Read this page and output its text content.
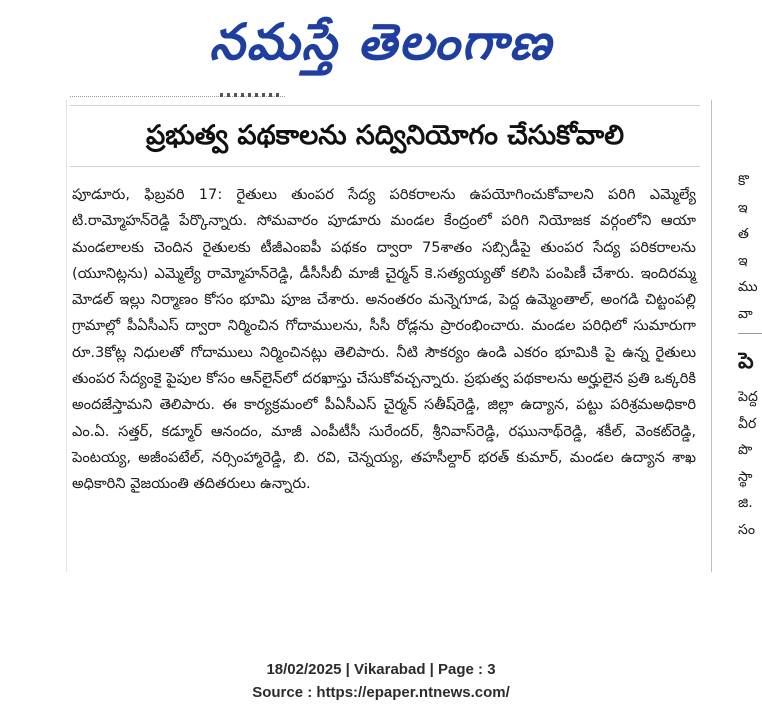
నమస్తే తెలంగాణ
ప్రభుత్వ పథకాలను సద్వినియోగం చేసుకోవాలి
పూడూరు, ఫిబ్రవరి 17: రైతులు తుంపర సేద్య పరికరాలను ఉపయోగించుకోవాలని పరిగి ఎమ్మెల్యే టి.రామ్మోహన్‌రెడ్డి పేర్కొన్నారు. సోమవారం పూడూరు మండల కేంద్రంలో పరిగి నియోజక వర్గంలోని ఆయా మండలాలకు చెందిన రైతులకు టీజీఎంఐపీ పథకం ద్వారా 75శాతం సబ్సిడీపై తుంపర సేద్య పరికరాలను (యూనిట్లను) ఎమ్మెల్యే రామ్మోహన్‌రెడ్డి, డీసీసీబీ మాజీ చైర్మన్ కె.సత్యయ్యతో కలిసి పంపిణీ చేశారు. ఇందిరమ్మ మోడల్ ఇల్లు నిర్మాణం కోసం భూమి పూజ చేశారు. అనంతరం మన్నెగూడ, పెద్ద ఉమ్మెంతాల్, అంగడి చిట్టంపల్లి గ్రామాల్లో పీఏసీఎస్ ద్వారా నిర్మించిన గోదాములను, సీసీ రోడ్లను ప్రారంభించారు. మండల పరిధిలో సుమారుగా రూ.3కోట్ల నిధులతో గోదాములు నిర్మించినట్లు తెలిపారు. నీటి సౌకర్యం ఉండి ఎకరం భూమికి పై ఉన్న రైతులు తుంపర సేద్యంకై పైపుల కోసం ఆన్‌లైన్‌లో దరఖాస్తు చేసుకోవచ్చన్నారు. ప్రభుత్వ పథకాలను అర్హులైన ప్రతి ఒక్కరికి అందజేస్తామని తెలిపారు. ఈ కార్యక్రమంలో పీఏసీఎస్ చైర్మన్ సతీష్‌రెడ్డి, జిల్లా ఉద్యాన, పట్టు పరిశ్రమఅధికారి ఎం.ఏ. సత్తర్, కడ్మూర్ ఆనందం, మాజీ ఎంపీటీసీ సురేందర్, శ్రీనివాస్‌రెడ్డి, రఘునాథ్‌రెడ్డి, శకీల్, వెంకట్‌రెడ్డి, పెంటయ్య, అజీంపటేల్, నర్సింహ్మారెడ్డి, బి. రవి, చెన్నయ్య, తహసీల్దార్ భరత్ కుమార్, మండల ఉద్యాన శాఖ అధికారిని వైజయంతి తదితరులు ఉన్నారు.
కొ
ఇ
త
ఇ
ము
వా
పె
పెద్ద
వీర
పొ
స్థా
జి.
సం
18/02/2025 | Vikarabad | Page : 3
Source : https://epaper.ntnews.com/
